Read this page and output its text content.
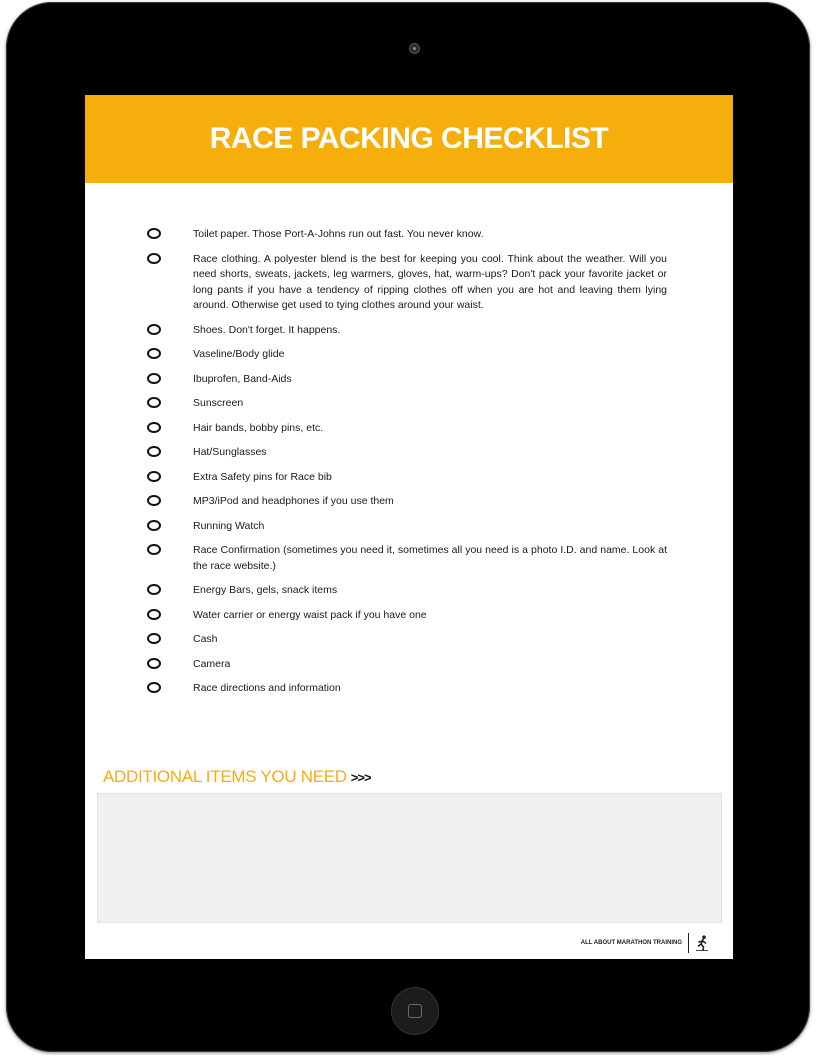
RACE PACKING CHECKLIST
Toilet paper. Those Port-A-Johns run out fast. You never know.
Race clothing. A polyester blend is the best for keeping you cool. Think about the weather. Will you need shorts, sweats, jackets, leg warmers, gloves, hat, warm-ups? Don't pack your favorite jacket or long pants if you have a tendency of ripping clothes off when you are hot and leaving them lying around. Otherwise get used to tying clothes around your waist.
Shoes. Don't forget. It happens.
Vaseline/Body glide
Ibuprofen, Band-Aids
Sunscreen
Hair bands, bobby pins, etc.
Hat/Sunglasses
Extra Safety pins for Race bib
MP3/iPod and headphones if you use them
Running Watch
Race Confirmation (sometimes you need it, sometimes all you need is a photo I.D. and name. Look at the race website.)
Energy Bars, gels, snack items
Water carrier or energy waist pack if you have one
Cash
Camera
Race directions and information
ADDITIONAL ITEMS YOU NEED >>>
ALL ABOUT MARATHON TRAINING
